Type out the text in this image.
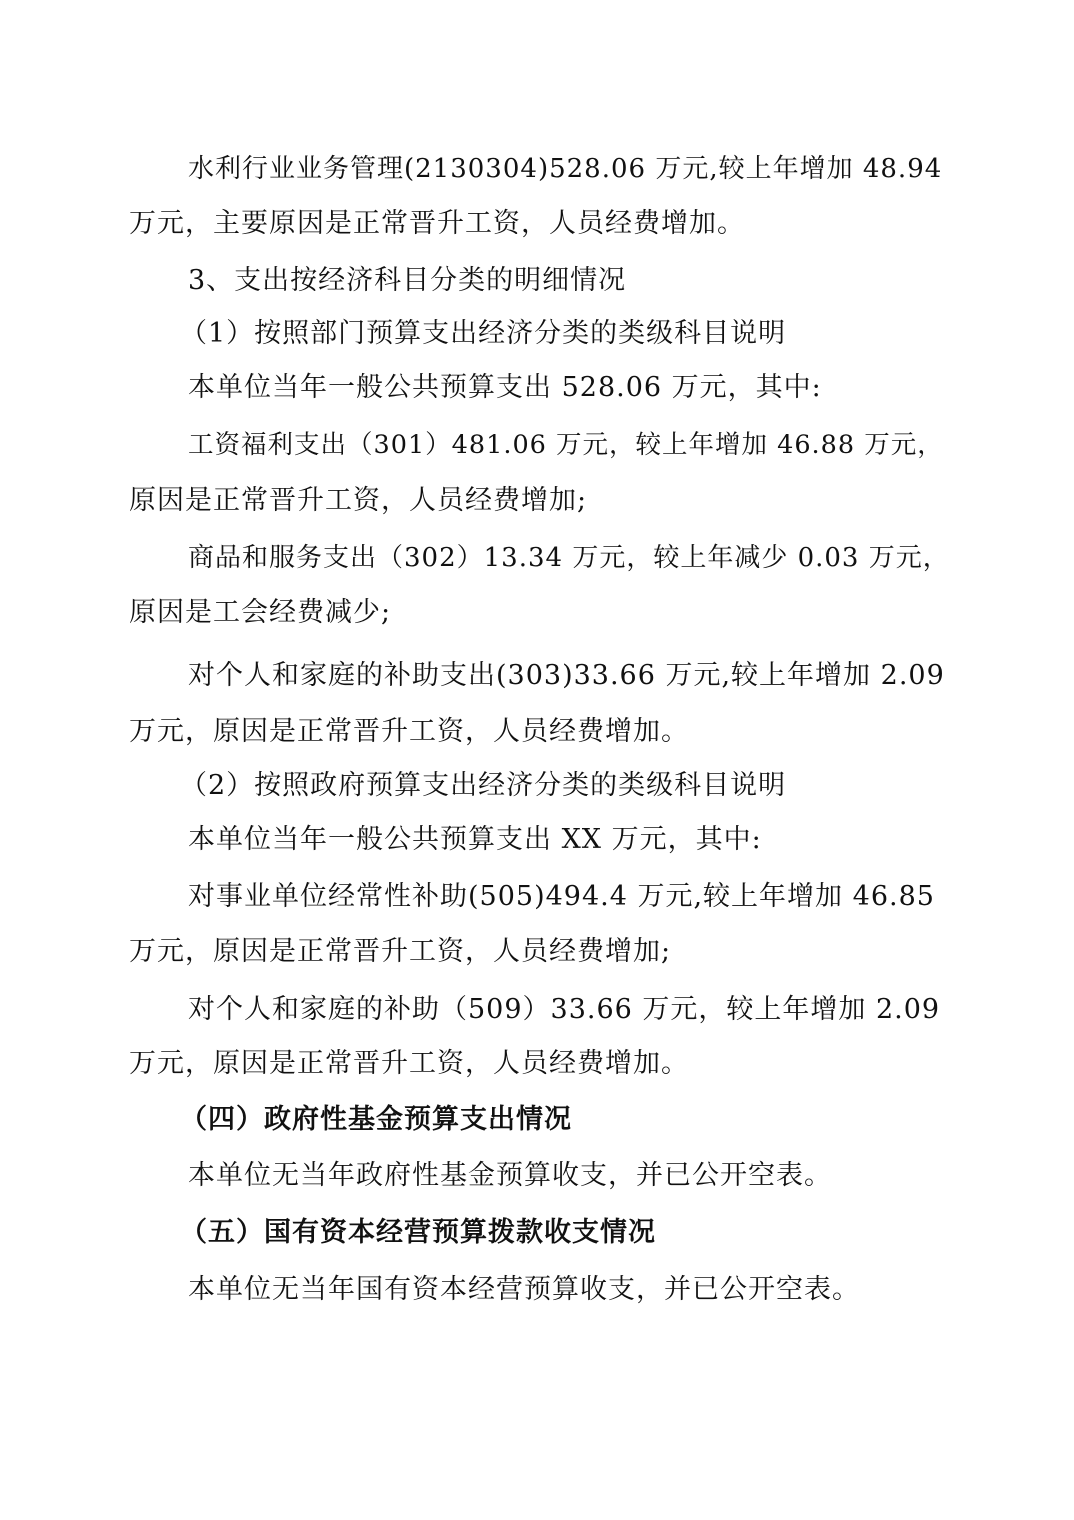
水利行业业务管理(2130304)528.06 万元,较上年增加 48.94
万元，主要原因是正常晋升工资，人员经费增加。
3、支出按经济科目分类的明细情况
（1）按照部门预算支出经济分类的类级科目说明
本单位当年一般公共预算支出 528.06 万元，其中:
工资福利支出（301）481.06 万元，较上年增加 46.88 万元，
原因是正常晋升工资，人员经费增加;
商品和服务支出（302）13.34 万元，较上年减少 0.03 万元，
原因是工会经费减少;
对个人和家庭的补助支出(303)33.66 万元,较上年增加 2.09
万元，原因是正常晋升工资，人员经费增加。
（2）按照政府预算支出经济分类的类级科目说明
本单位当年一般公共预算支出 XX 万元，其中:
对事业单位经常性补助(505)494.4 万元,较上年增加 46.85
万元，原因是正常晋升工资，人员经费增加;
对个人和家庭的补助（509）33.66 万元，较上年增加 2.09
万元，原因是正常晋升工资，人员经费增加。
（四）政府性基金预算支出情况
本单位无当年政府性基金预算收支，并已公开空表。
（五）国有资本经营预算拨款收支情况
本单位无当年国有资本经营预算收支，并已公开空表。
